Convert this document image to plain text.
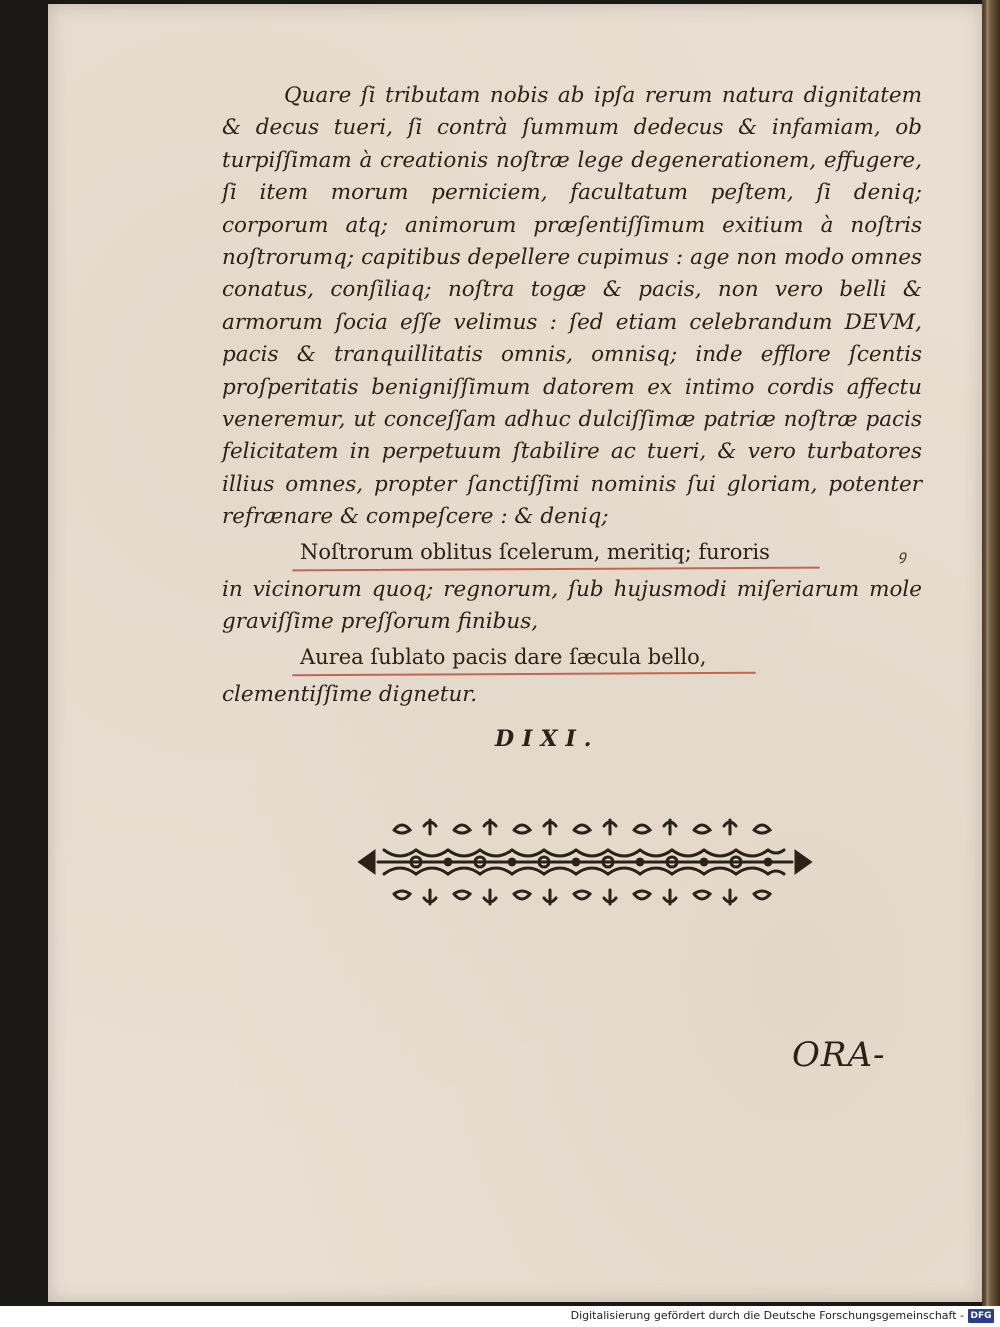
Quare ſi tributam nobis ab ipſa rerum natura dignitatem & decus tueri, ſi contrà ſummum dedecus & infamiam, ob turpiſſimam à creationis noſtræ lege degenerationem, effugere, ſi item morum perniciem, facultatum peſtem, ſi deniq; corporum atq; animorum præſentiſſimum exitium à noſtris noſtrorumq; capitibus depellere cupimus : age non modo omnes conatus, conſiliaq; noſtra togæ & pacis, non vero belli & armorum ſocia eſſe velimus : ſed etiam celebrandum DEVM, pacis & tranquillitatis omnis, omnisq; inde efflore ſcentis proſperitatis benigniſſimum datorem ex intimo cordis affectu veneremur, ut conceſſam adhuc dulciſſimæ patriæ noſtræ pacis felicitatem in perpetuum ſtabilire ac tueri, & vero turbatores illius omnes, propter ſanctiſſimi nominis ſui gloriam, potenter refrænare & compeſcere : & deniq;

Noſtrorum oblitus ſcelerum, meritiq; furoris	ꝯ

in vicinorum quoq; regnorum, ſub hujusmodi miſeriarum mole graviſſime preſſorum finibus,

Aurea ſublato pacis dare ſæcula bello,

clementiſſime dignetur.

DIXI.
ORA-
Digitalisierung gefördert durch die Deutsche Forschungsgemeinschaft - DFG
